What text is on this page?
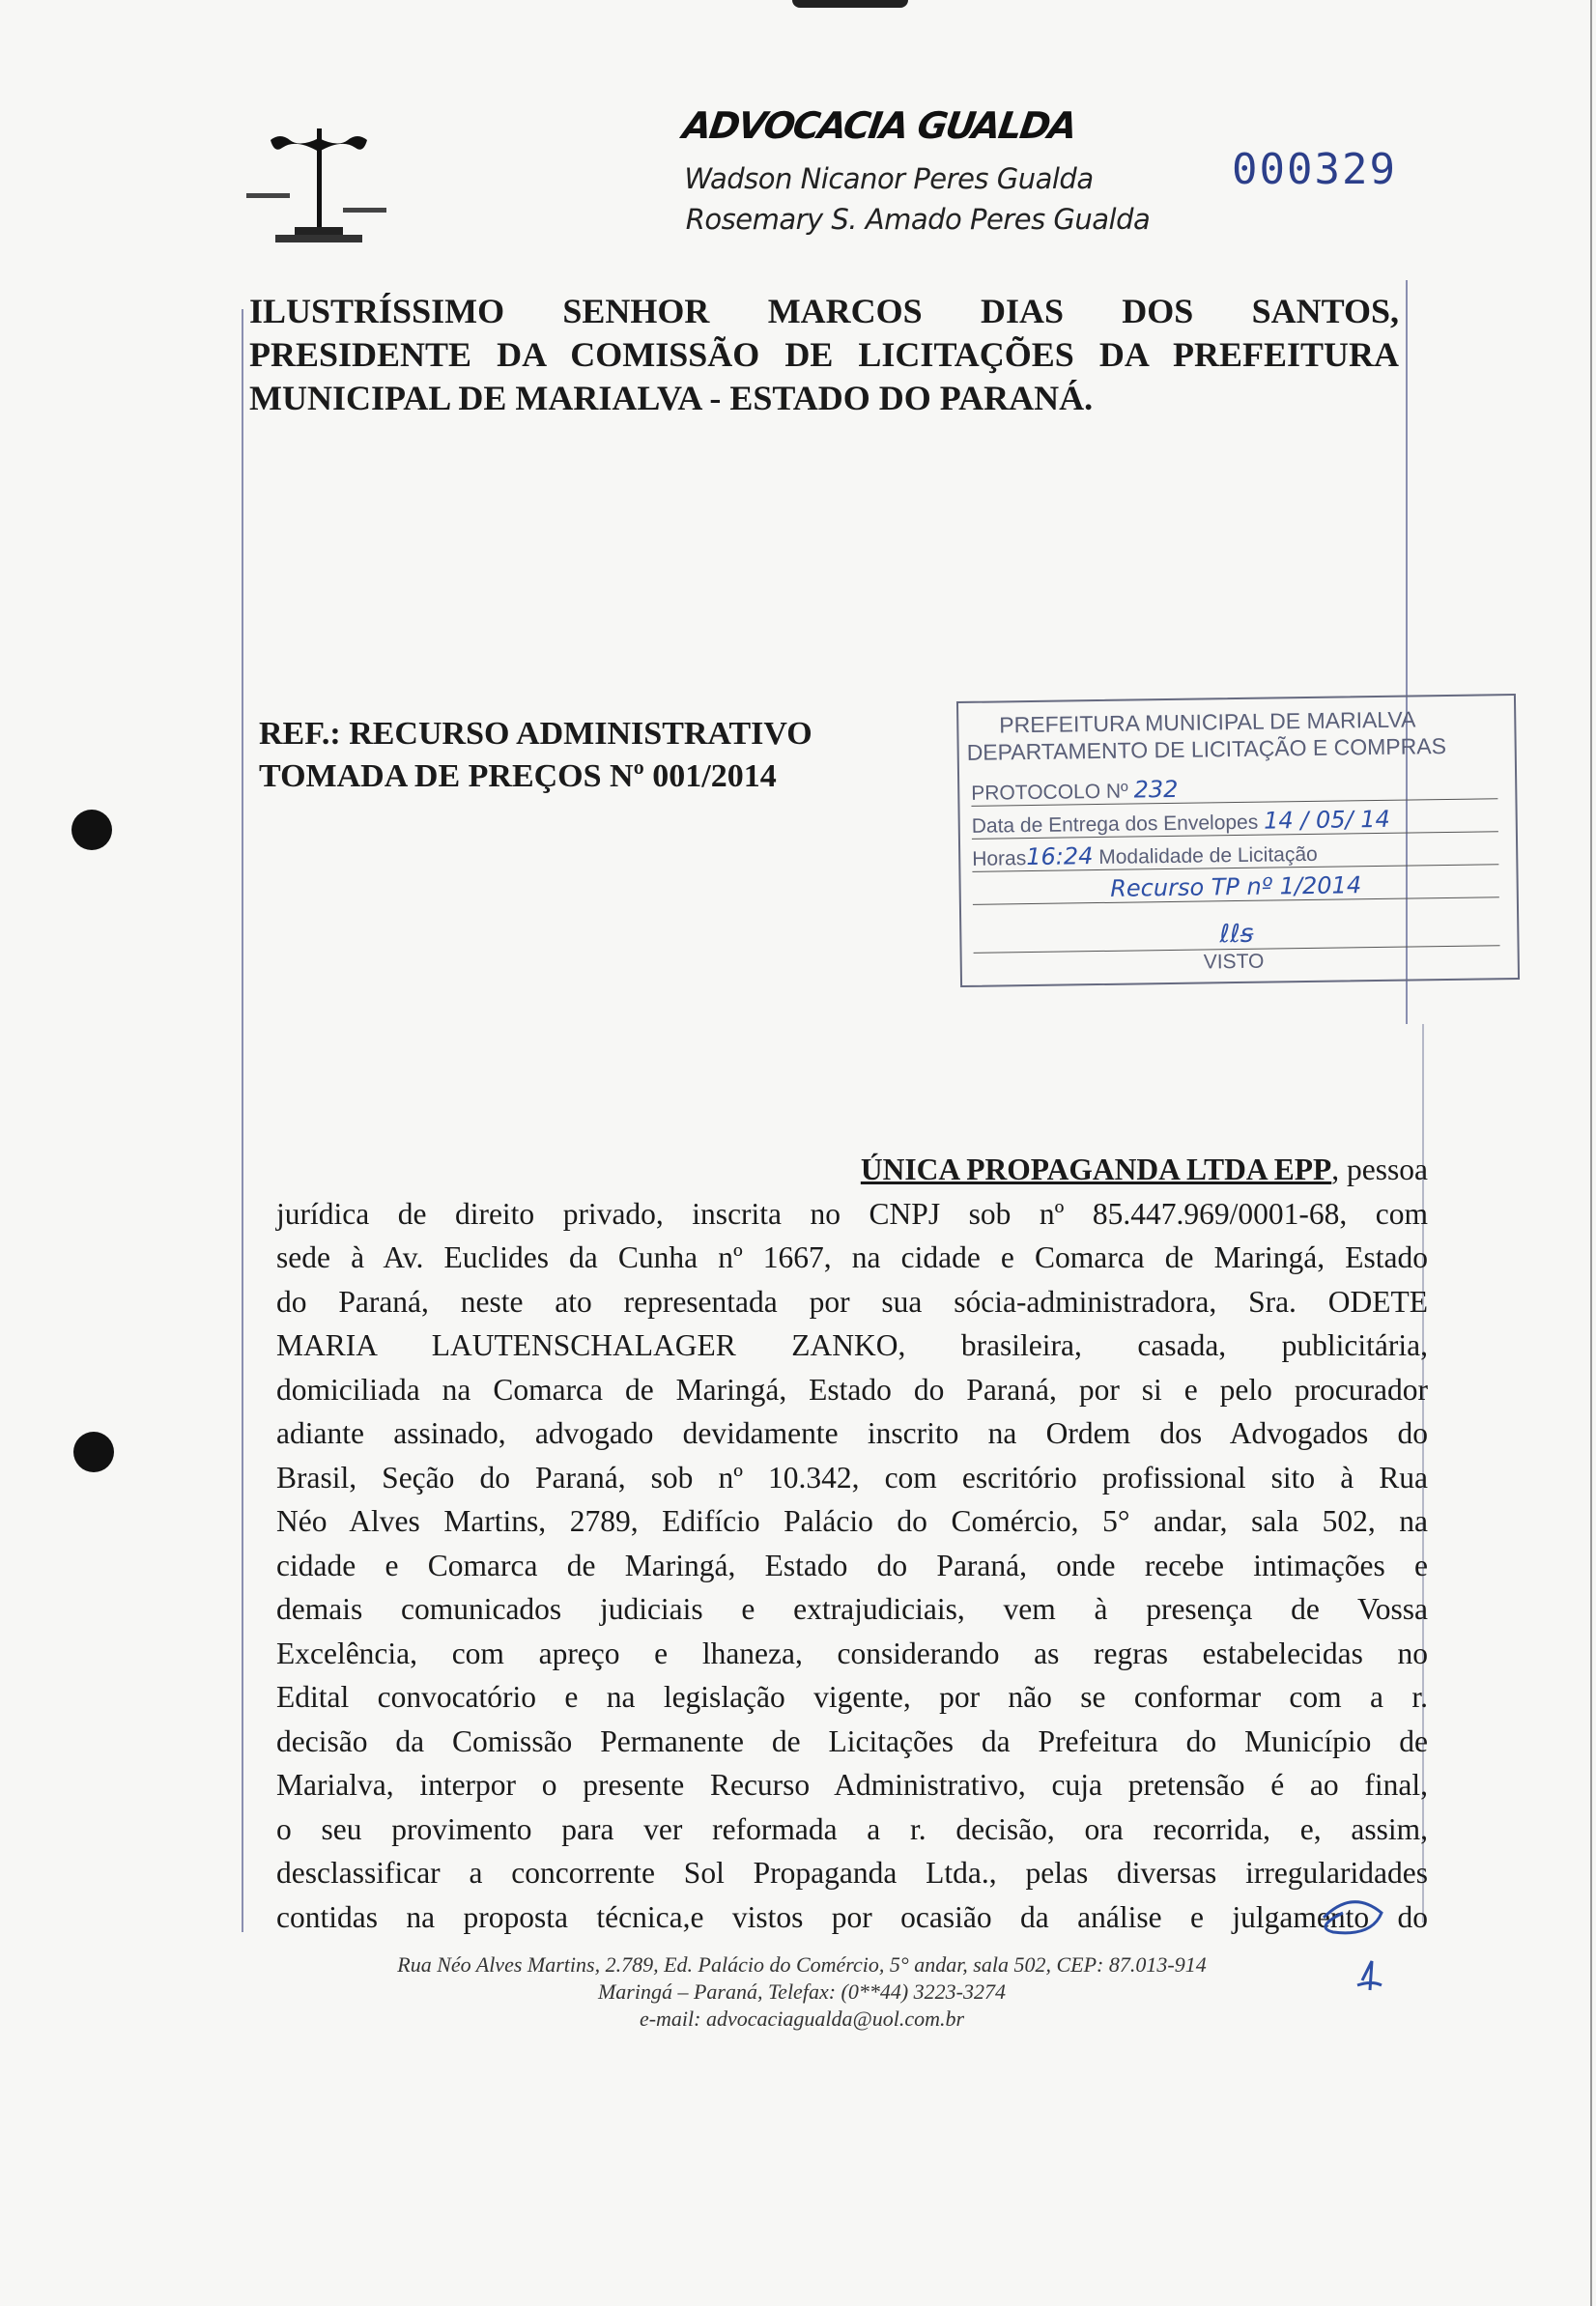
ADVOCACIA GUALDA
Wadson Nicanor Peres Gualda
Rosemary S. Amado Peres Gualda
000329
ILUSTRÍSSIMO SENHOR MARCOS DIAS DOS SANTOS,
PRESIDENTE DA COMISSÃO DE LICITAÇÕES DA PREFEITURA
MUNICIPAL DE MARIALVA - ESTADO DO PARANÁ.
REF.: RECURSO ADMINISTRATIVO
TOMADA DE PREÇOS Nº 001/2014
PREFEITURA MUNICIPAL DE MARIALVA
DEPARTAMENTO DE LICITAÇÃO E COMPRAS
PROTOCOLO Nº 232
Data de Entrega dos Envelopes 14 / 05/ 14
Horas16:24 Modalidade de Licitação
Recurso TP nº 1/2014
ℓℓꞩ
VISTO
ÚNICA PROPAGANDA LTDA EPP, pessoa
jurídica de direito privado, inscrita no CNPJ sob nº 85.447.969/0001-68, com
sede à Av. Euclides da Cunha nº 1667, na cidade e Comarca de Maringá, Estado
do Paraná, neste ato representada por sua sócia-administradora, Sra. ODETE
MARIA LAUTENSCHALAGER ZANKO, brasileira, casada, publicitária,
domiciliada na Comarca de Maringá, Estado do Paraná, por si e pelo procurador
adiante assinado, advogado devidamente inscrito na Ordem dos Advogados do
Brasil, Seção do Paraná, sob nº 10.342, com escritório profissional sito à Rua
Néo Alves Martins, 2789, Edifício Palácio do Comércio, 5° andar, sala 502, na
cidade e Comarca de Maringá, Estado do Paraná, onde recebe intimações e
demais comunicados judiciais e extrajudiciais, vem à presença de Vossa
Excelência, com apreço e lhaneza, considerando as regras estabelecidas no
Edital convocatório e na legislação vigente, por não se conformar com a r.
decisão da Comissão Permanente de Licitações da Prefeitura do Município de
Marialva, interpor o presente Recurso Administrativo, cuja pretensão é ao final,
o seu provimento para ver reformada a r. decisão, ora recorrida, e, assim,
desclassificar a concorrente Sol Propaganda Ltda., pelas diversas irregularidades
contidas na proposta técnica,e vistos por ocasião da análise e julgamento do
Rua Néo Alves Martins, 2.789, Ed. Palácio do Comércio, 5° andar, sala 502, CEP: 87.013-914
Maringá – Paraná, Telefax: (0**44) 3223-3274
e-mail: advocaciagualda@uol.com.br
